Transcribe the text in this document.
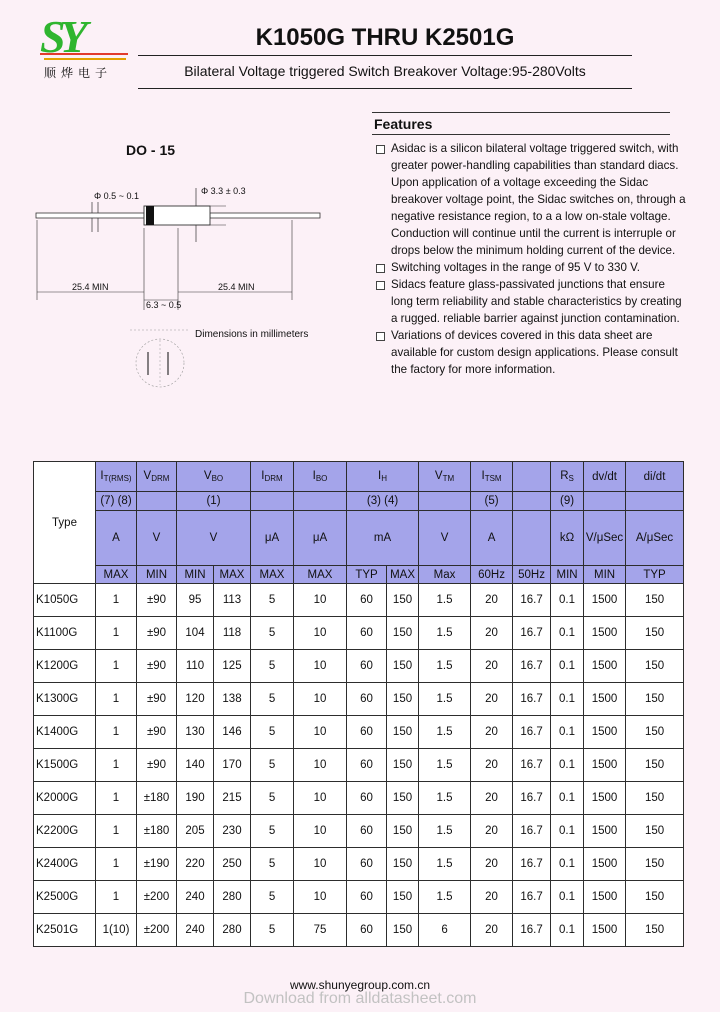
SY
顺烨电子
K1050G THRU K2501G
Bilateral Voltage triggered Switch Breakover Voltage:95-280Volts
DO - 15
Φ 0.5 ~ 0.1	Φ 3.3 ± 0.3
25.4 MIN
6.3 ~ 0.5
25.4 MIN
Dimensions in millimeters
Features
Asidac is a silicon bilateral voltage triggered switch, with greater power-handling capabilities than standard diacs. Upon application of a voltage exceeding the Sidac breakover voltage point, the Sidac switches on, through a negative resistance region, to a a low on-stale voltage. Conduction will continue until the current is interruple or drops below the minimum holding current of the device.
Switching voltages in the range of 95 V to 330 V.
Sidacs feature glass-passivated junctions that ensure long term reliability and stable characteristics by creating a rugged. reliable barrier against junction contamination.
Variations of devices covered in this data sheet are available for custom design applications. Please consult the factory for more information.
Type	$I_{T(RMS)}$	$V_{DRM}$	$V_{BO}$		$I_{DRM}$	$I_{BO}$	$I_H$		$V_{TM}$	$I_{TSM}$		$R_S$	dv/dt	di/dt
	(7) (8)		(1)				(3) (4)			(5)		(9)		
	A	V	V		μA	μA	mA		V	A		kΩ	V/μSec	A/μSec
	MAX	MIN	MIN	MAX	MAX	MAX	TYP	MAX	Max	60Hz	50Hz	MIN	MIN	TYP
K1050G	1	±90	95	113	5	10	60	150	1.5	20	16.7	0.1	1500	150
K1100G	1	±90	104	118	5	10	60	150	1.5	20	16.7	0.1	1500	150
K1200G	1	±90	110	125	5	10	60	150	1.5	20	16.7	0.1	1500	150
K1300G	1	±90	120	138	5	10	60	150	1.5	20	16.7	0.1	1500	150
K1400G	1	±90	130	146	5	10	60	150	1.5	20	16.7	0.1	1500	150
K1500G	1	±90	140	170	5	10	60	150	1.5	20	16.7	0.1	1500	150
K2000G	1	±180	190	215	5	10	60	150	1.5	20	16.7	0.1	1500	150
K2200G	1	±180	205	230	5	10	60	150	1.5	20	16.7	0.1	1500	150
K2400G	1	±190	220	250	5	10	60	150	1.5	20	16.7	0.1	1500	150
K2500G	1	±200	240	280	5	10	60	150	1.5	20	16.7	0.1	1500	150
K2501G	1(10)	±200	240	280	5	75	60	150	6	20	16.7	0.1	1500	150
www.shunyegroup.com.cn
Download from alldatasheet.com
